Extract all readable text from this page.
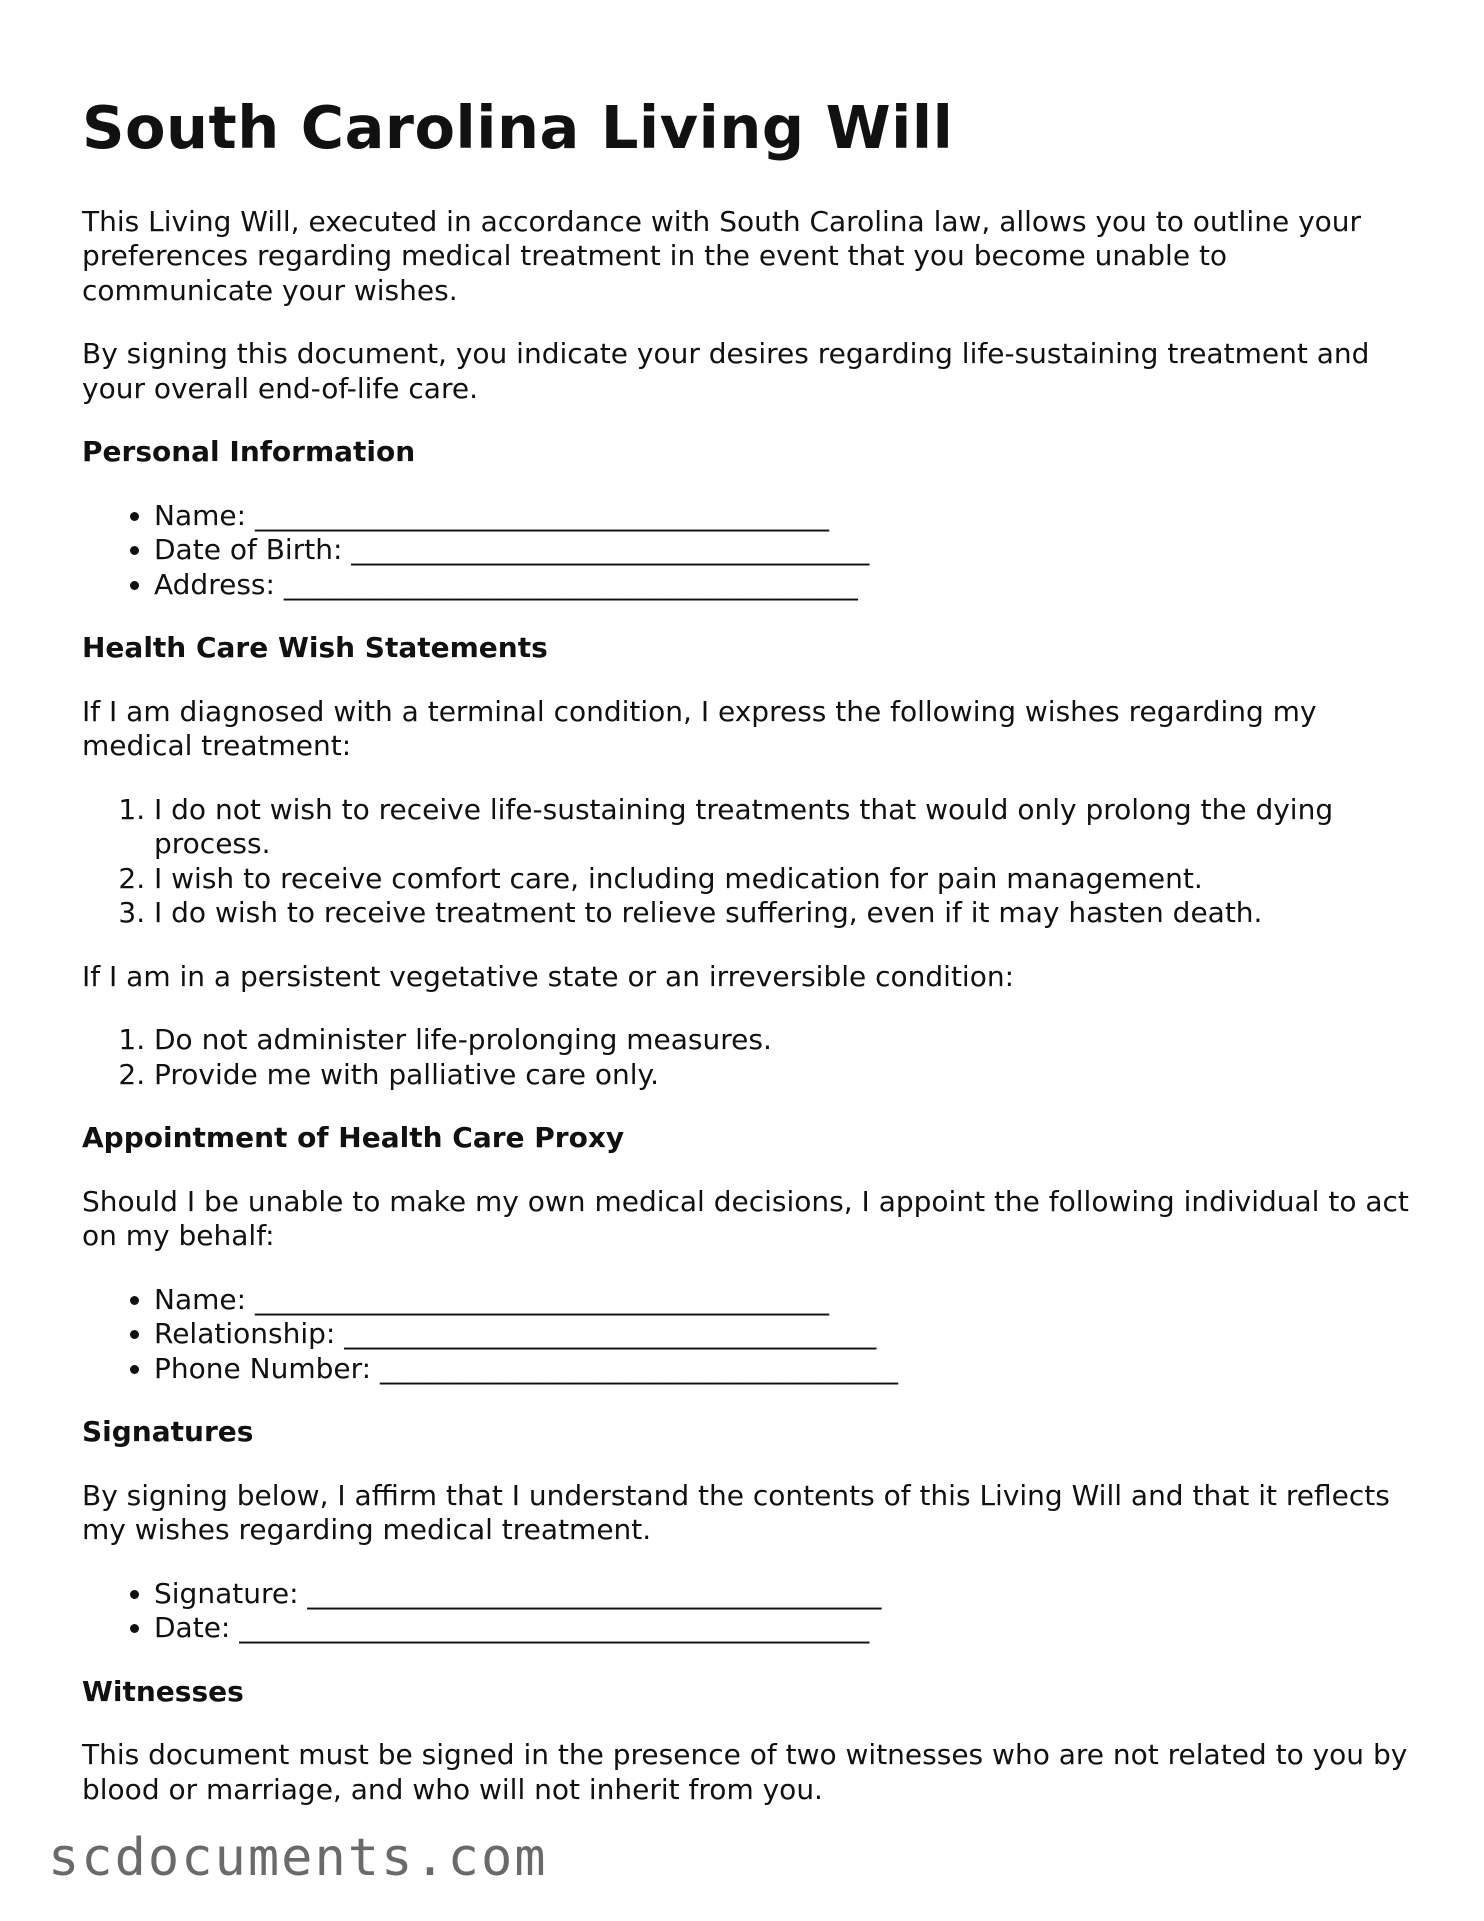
South Carolina Living Will

This Living Will, executed in accordance with South Carolina law, allows you to outline your preferences regarding medical treatment in the event that you become unable to communicate your wishes.

By signing this document, you indicate your desires regarding life-sustaining treatment and your overall end-of-life care.

Personal Information
• Name: _________________________________________
• Date of Birth: _____________________________________
• Address: _________________________________________
Health Care Wish Statements

If I am diagnosed with a terminal condition, I express the following wishes regarding my medical treatment:

1. I do not wish to receive life-sustaining treatments that would only prolong the dying process.
2. I wish to receive comfort care, including medication for pain management.
3. I do wish to receive treatment to relieve suffering, even if it may hasten death.

If I am in a persistent vegetative state or an irreversible condition:

1. Do not administer life-prolonging measures.
2. Provide me with palliative care only.
Appointment of Health Care Proxy

Should I be unable to make my own medical decisions, I appoint the following individual to act on my behalf:

• Name: _________________________________________
• Relationship: ______________________________________
• Phone Number: _____________________________________
Signatures

By signing below, I affirm that I understand the contents of this Living Will and that it reflects my wishes regarding medical treatment.

• Signature: _________________________________________
• Date: _____________________________________________
Witnesses

This document must be signed in the presence of two witnesses who are not related to you by blood or marriage, and who will not inherit from you.

scdocuments.com
